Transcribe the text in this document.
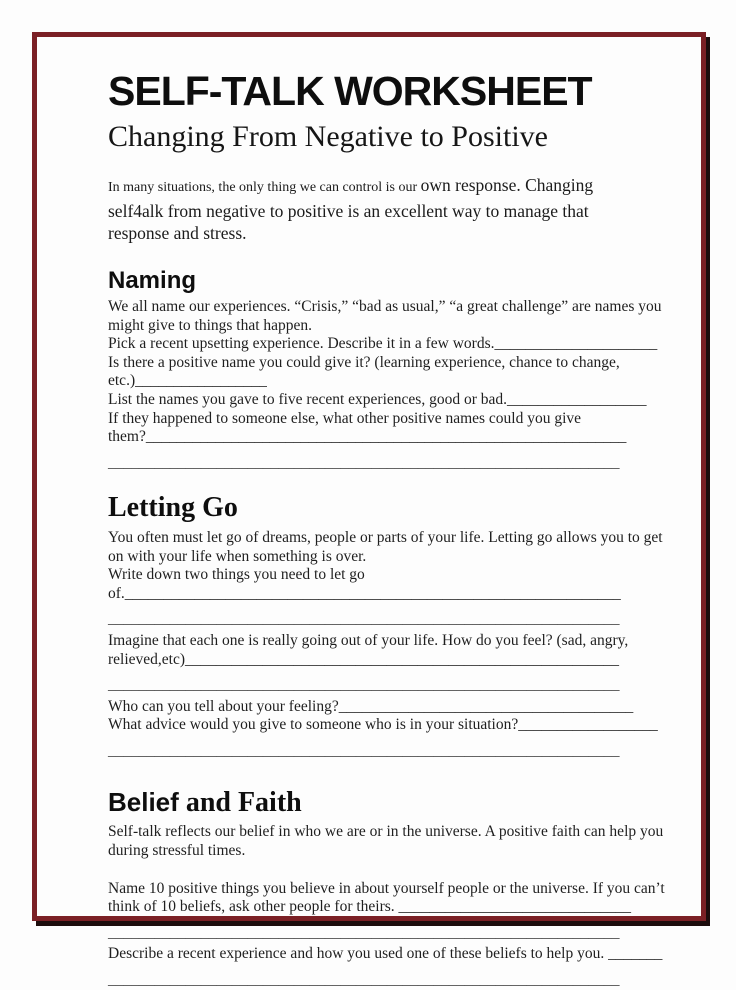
SELF-TALK WORKSHEET
Changing From Negative to Positive
In many situations, the only thing we can control is our own response. Changing
self4alk from negative to positive is an excellent way to manage that
response and stress.
Naming
We all name our experiences. “Crisis,” “bad as usual,” “a great challenge” are names you
might give to things that happen.
Pick a recent upsetting experience. Describe it in a few words._____________________
Is there a positive name you could give it? (learning experience, chance to change,
etc.)_________________
List the names you gave to five recent experiences, good or bad.__________________
If they happened to someone else, what other positive names could you give
them?______________________________________________________________
__________________________________________________________________
Letting Go
You often must let go of dreams, people or parts of your life. Letting go allows you to get
on with your life when something is over.
Write down two things you need to let go
of.________________________________________________________________
__________________________________________________________________
Imagine that each one is really going out of your life. How do you feel? (sad, angry,
relieved,etc)________________________________________________________
__________________________________________________________________
Who can you tell about your feeling?______________________________________
What advice would you give to someone who is in your situation?__________________
__________________________________________________________________
Belief and Faith
Self-talk reflects our belief in who we are or in the universe. A positive faith can help you
during stressful times.
Name 10 positive things you believe in about yourself people or the universe. If you can’t
think of 10 beliefs, ask other people for theirs. ______________________________
__________________________________________________________________
Describe a recent experience and how you used one of these beliefs to help you. _______
__________________________________________________________________
